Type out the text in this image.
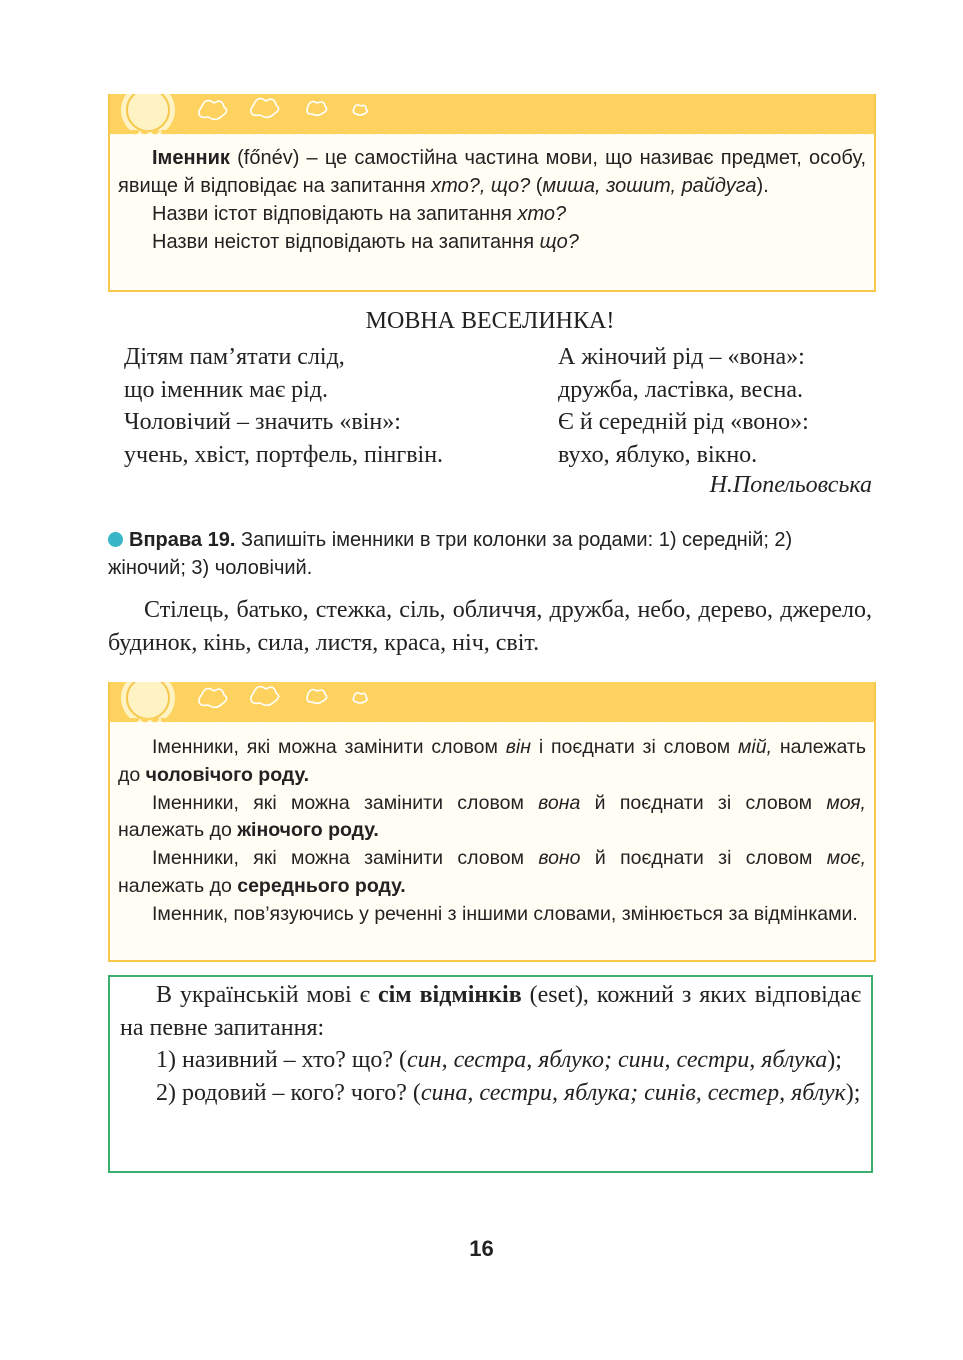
Іменник (főnév) – це самостійна частина мови, що називає предмет, особу, явище й відповідає на запитання хто?, що? (миша, зошит, райдуга).

Назви істот відповідають на запитання хто?

Назви неістот відповідають на запитання що?

МОВНА ВЕСЕЛИНКА!

Дітям пам’ятати слід,

що іменник має рід.

Чоловічий – значить «він»:

учень, хвіст, портфель, пінгвін.

А жіночий рід – «вона»:

дружба, ластівка, весна.

Є й середній рід «воно»:

вухо, яблуко, вікно.

Н.Попельовська
Вправа 19. Запишіть іменники в три колонки за родами: 1) середній; 2) жіночий; 3) чоловічий.

Стілець, батько, стежка, сіль, обличчя, дружба, небо, дерево, джерело, будинок, кінь, сила, листя, краса, ніч, світ.

Іменники, які можна замінити словом він і поєднати зі словом мій, належать до чоловічого роду.

Іменники, які можна замінити словом вона й поєднати зі словом моя, належать до жіночого роду.

Іменники, які можна замінити словом воно й поєднати зі словом моє, належать до середнього роду.

Іменник, пов’язуючись у реченні з іншими словами, змінюється за відмінками.

В українській мові є сім відмінків (eset), кожний з яких відповідає на певне запитання:

1) називний – хто? що? (син, сестра, яблуко; сини, сестри, яблука);

2) родовий – кого? чого? (сина, сестри, яблука; синів, сестер, яблук);

16
